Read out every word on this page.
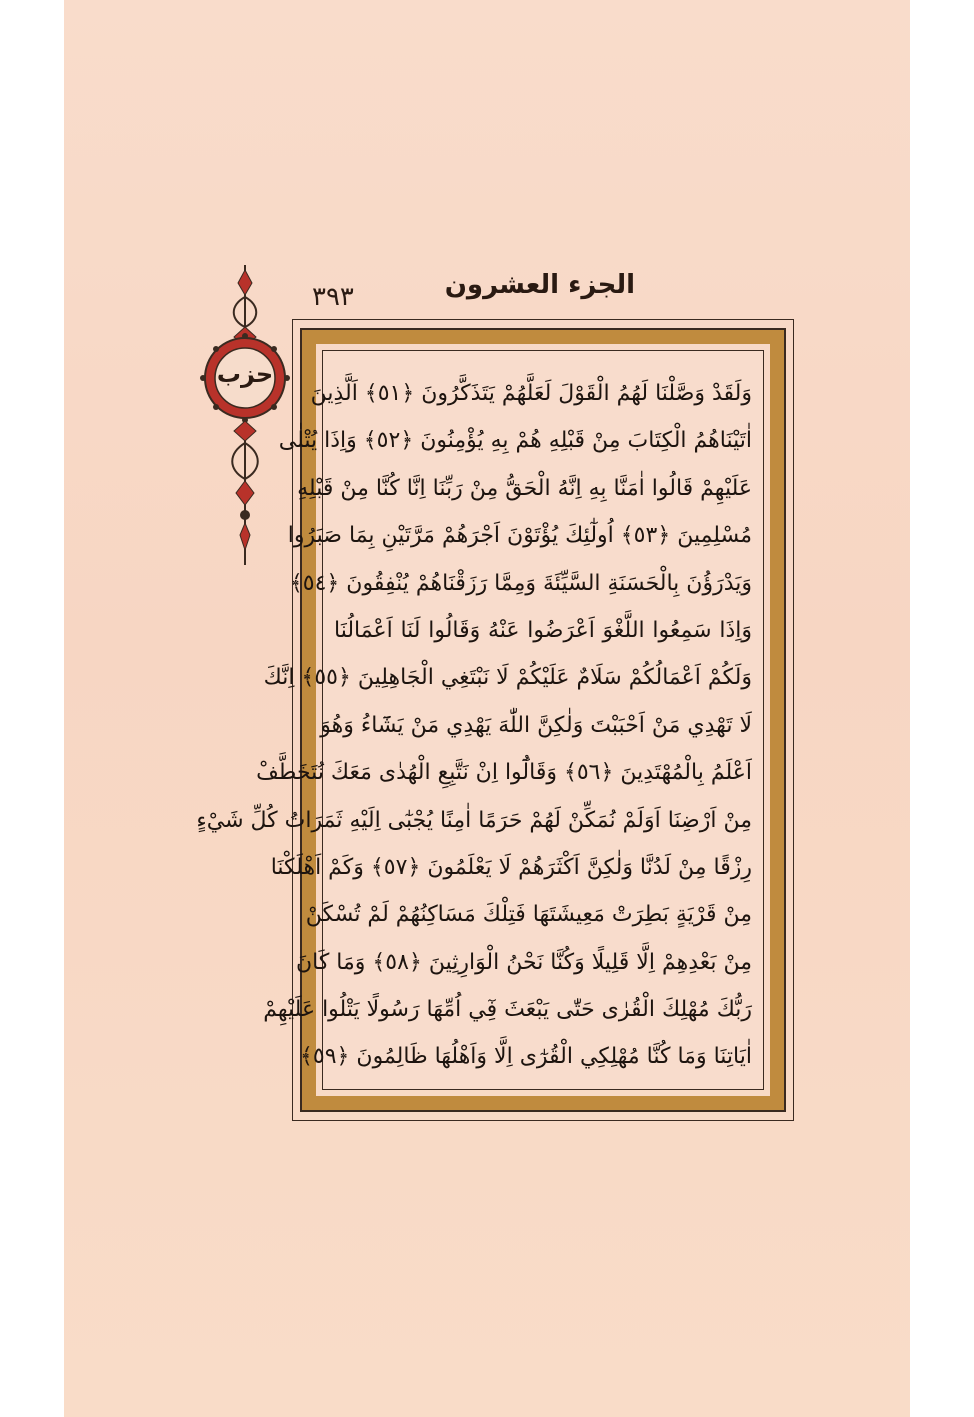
حزب
الجزء العشرون
٣٩٣
وَلَقَدْ وَصَّلْنَا لَهُمُ الْقَوْلَ لَعَلَّهُمْ يَتَذَكَّرُونَ ﴿٥١﴾ اَلَّذِينَ
اٰتَيْنَاهُمُ الْكِتَابَ مِنْ قَبْلِهِ هُمْ بِهِ يُؤْمِنُونَ ﴿٥٢﴾ وَاِذَا يُتْلٰى
عَلَيْهِمْ قَالُوا اٰمَنَّا بِهِ اِنَّهُ الْحَقُّ مِنْ رَبِّنَا اِنَّا كُنَّا مِنْ قَبْلِهِ
مُسْلِمِينَ ﴿٥٣﴾ اُولٰٓئِكَ يُؤْتَوْنَ اَجْرَهُمْ مَرَّتَيْنِ بِمَا صَبَرُوا
وَيَدْرَؤُنَ بِالْحَسَنَةِ السَّيِّئَةَ وَمِمَّا رَزَقْنَاهُمْ يُنْفِقُونَ ﴿٥٤﴾
وَاِذَا سَمِعُوا اللَّغْوَ اَعْرَضُوا عَنْهُ وَقَالُوا لَنَا اَعْمَالُنَا
وَلَكُمْ اَعْمَالُكُمْ سَلَامٌ عَلَيْكُمْ لَا نَبْتَغِي الْجَاهِلِينَ ﴿٥٥﴾ اِنَّكَ
لَا تَهْدِي مَنْ اَحْبَبْتَ وَلٰكِنَّ اللّٰهَ يَهْدِي مَنْ يَشَٓاءُ وَهُوَ
اَعْلَمُ بِالْمُهْتَدِينَ ﴿٥٦﴾ وَقَالُٓوا اِنْ نَتَّبِعِ الْهُدٰى مَعَكَ نُتَخَطَّفْ
مِنْ اَرْضِنَا اَوَلَمْ نُمَكِّنْ لَهُمْ حَرَمًا اٰمِنًا يُجْبٰٓى اِلَيْهِ ثَمَرَاتُ كُلِّ شَيْءٍ
رِزْقًا مِنْ لَدُنَّا وَلٰكِنَّ اَكْثَرَهُمْ لَا يَعْلَمُونَ ﴿٥٧﴾ وَكَمْ اَهْلَكْنَا
مِنْ قَرْيَةٍ بَطِرَتْ مَعِيشَتَهَا فَتِلْكَ مَسَاكِنُهُمْ لَمْ تُسْكَنْ
مِنْ بَعْدِهِمْ اِلَّا قَلِيلًا وَكُنَّا نَحْنُ الْوَارِثِينَ ﴿٥٨﴾ وَمَا كَانَ
رَبُّكَ مُهْلِكَ الْقُرٰى حَتّٰى يَبْعَثَ فِٓي اُمِّهَا رَسُولًا يَتْلُوا عَلَيْهِمْ
اٰيَاتِنَا وَمَا كُنَّا مُهْلِكِي الْقُرٰٓى اِلَّا وَاَهْلُهَا ظَالِمُونَ ﴿٥٩﴾
